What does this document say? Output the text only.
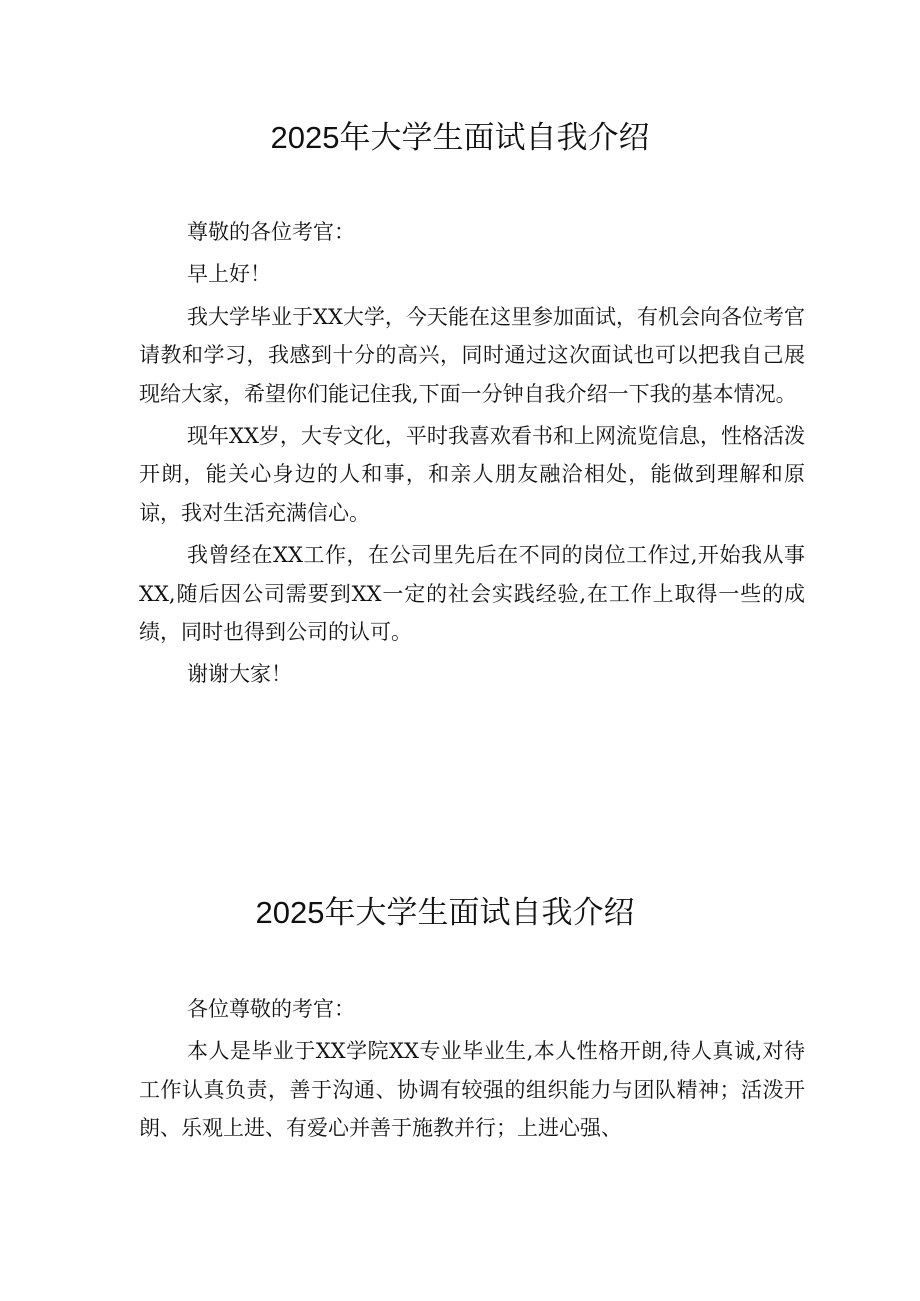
2025年大学生面试自我介绍

尊敬的各位考官：

早上好！

我大学毕业于XX大学，今天能在这里参加面试，有机会向各位考官请教和学习，我感到十分的高兴，同时通过这次面试也可以把我自己展现给大家，希望你们能记住我,下面一分钟自我介绍一下我的基本情况。

现年XX岁，大专文化，平时我喜欢看书和上网流览信息，性格活泼开朗，能关心身边的人和事，和亲人朋友融洽相处，能做到理解和原谅，我对生活充满信心。

我曾经在XX工作，在公司里先后在不同的岗位工作过,开始我从事XX,随后因公司需要到XX一定的社会实践经验,在工作上取得一些的成绩，同时也得到公司的认可。

谢谢大家！

2025年大学生面试自我介绍

各位尊敬的考官：

本人是毕业于XX学院XX专业毕业生,本人性格开朗,待人真诚,对待工作认真负责，善于沟通、协调有较强的组织能力与团队精神；活泼开朗、乐观上进、有爱心并善于施教并行；上进心强、
